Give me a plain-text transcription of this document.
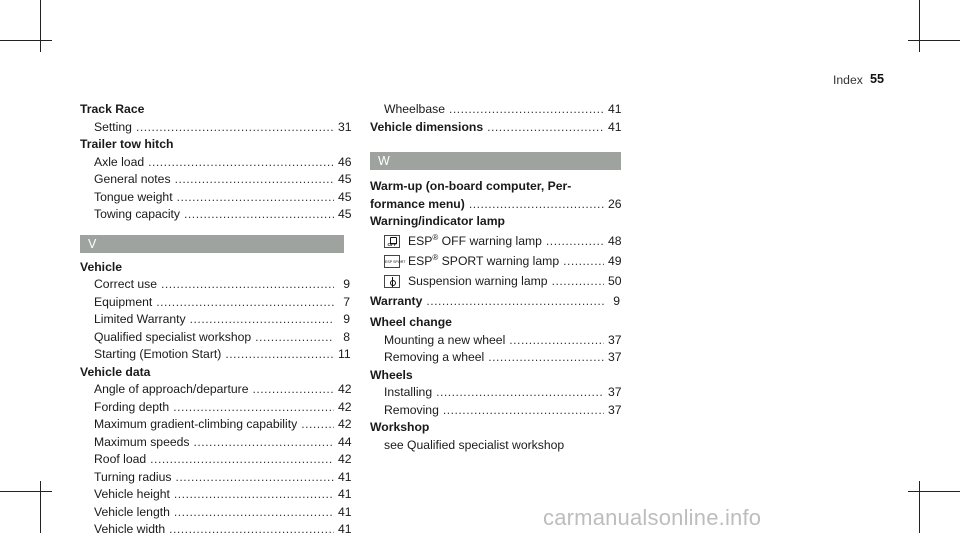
Index 55
Track Race
Setting .....	31
Trailer tow hitch
Axle load .....	46
General notes .....	45
Tongue weight .....	45
Towing capacity .....	45
V
Vehicle
Correct use .....	9
Equipment .....	7
Limited Warranty .....	9
Qualified specialist workshop .....	8
Starting (Emotion Start) .....	11
Vehicle data
Angle of approach/departure .....	42
Fording depth .....	42
Maximum gradient-climbing capability .....	42
Maximum speeds .....	44
Roof load .....	42
Turning radius .....	41
Vehicle height .....	41
Vehicle length .....	41
Vehicle width .....	41
Wheelbase .....	41
Vehicle dimensions .....	41
W
Warm-up (on-board computer, Per-
formance menu) .....	26
Warning/indicator lamp
OFF ESP® OFF warning lamp .....	48
ESP SPORT ESP® SPORT warning lamp .....	49
Suspension warning lamp .....	50
Warranty .....	9
Wheel change
Mounting a new wheel .....	37
Removing a wheel .....	37
Wheels
Installing .....	37
Removing .....	37
Workshop
see Qualified specialist workshop
carmanualsonline.info
